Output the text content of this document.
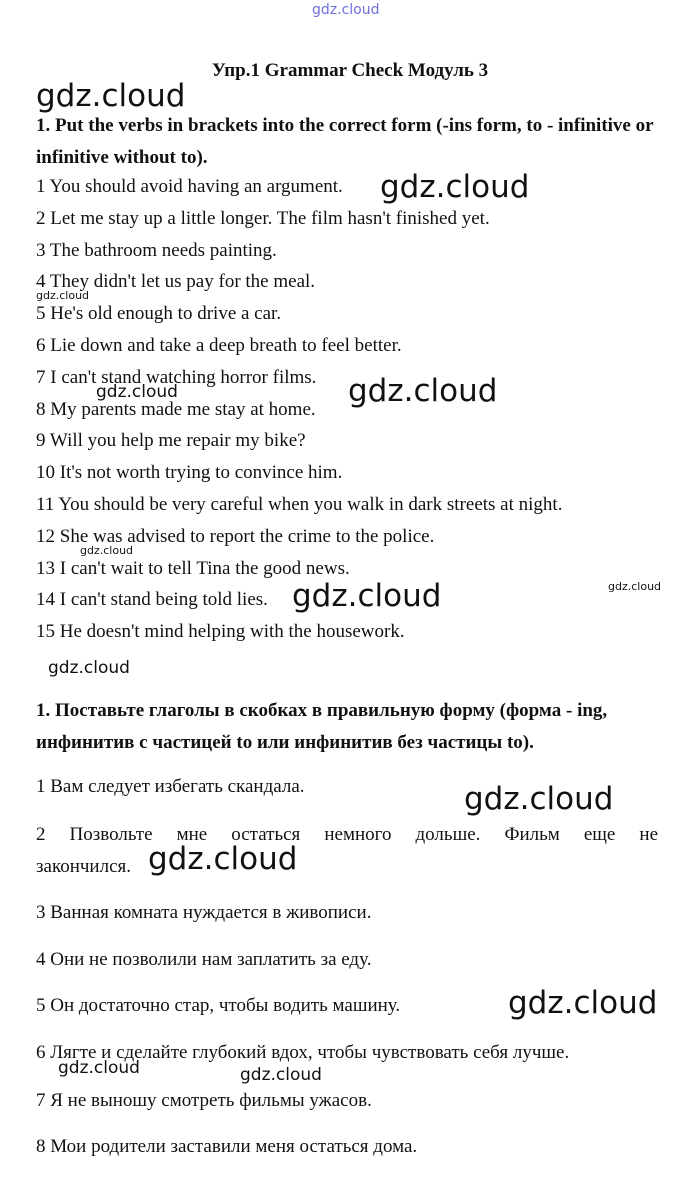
gdz.cloud
Упр.1 Grammar Check Модуль 3
1. Put the verbs in brackets into the correct form (-ins form, to - infinitive or infinitive without to).
1 You should avoid having an argument.
2 Let me stay up a little longer. The film hasn't finished yet.
3 The bathroom needs painting.
4 They didn't let us pay for the meal.
5 He's old enough to drive a car.
6 Lie down and take a deep breath to feel better.
7 I can't stand watching horror films.
8 My parents made me stay at home.
9 Will you help me repair my bike?
10 It's not worth trying to convince him.
11 You should be very careful when you walk in dark streets at night.
12 She was advised to report the crime to the police.
13 I can't wait to tell Tina the good news.
14 I can't stand being told lies.
15 He doesn't mind helping with the housework.
1. Поставьте глаголы в скобках в правильную форму (форма - ing, инфинитив с частицей to или инфинитив без частицы to).
1 Вам следует избегать скандала.
2 Позвольте мне остаться немного дольше. Фильм еще не
закончился.
3 Ванная комната нуждается в живописи.
4 Они не позволили нам заплатить за еду.
5 Он достаточно стар, чтобы водить машину.
6 Лягте и сделайте глубокий вдох, чтобы чувствовать себя лучше.
7 Я не выношу смотреть фильмы ужасов.
8 Мои родители заставили меня остаться дома.
gdz.cloud
gdz.cloud
gdz.cloud
gdz.cloud	gdz.cloud
gdz.cloud
gdz.cloud
gdz.cloud
gdz.cloud
gdz.cloud
gdz.cloud
gdz.cloud
gdz.cloud	gdz.cloud
